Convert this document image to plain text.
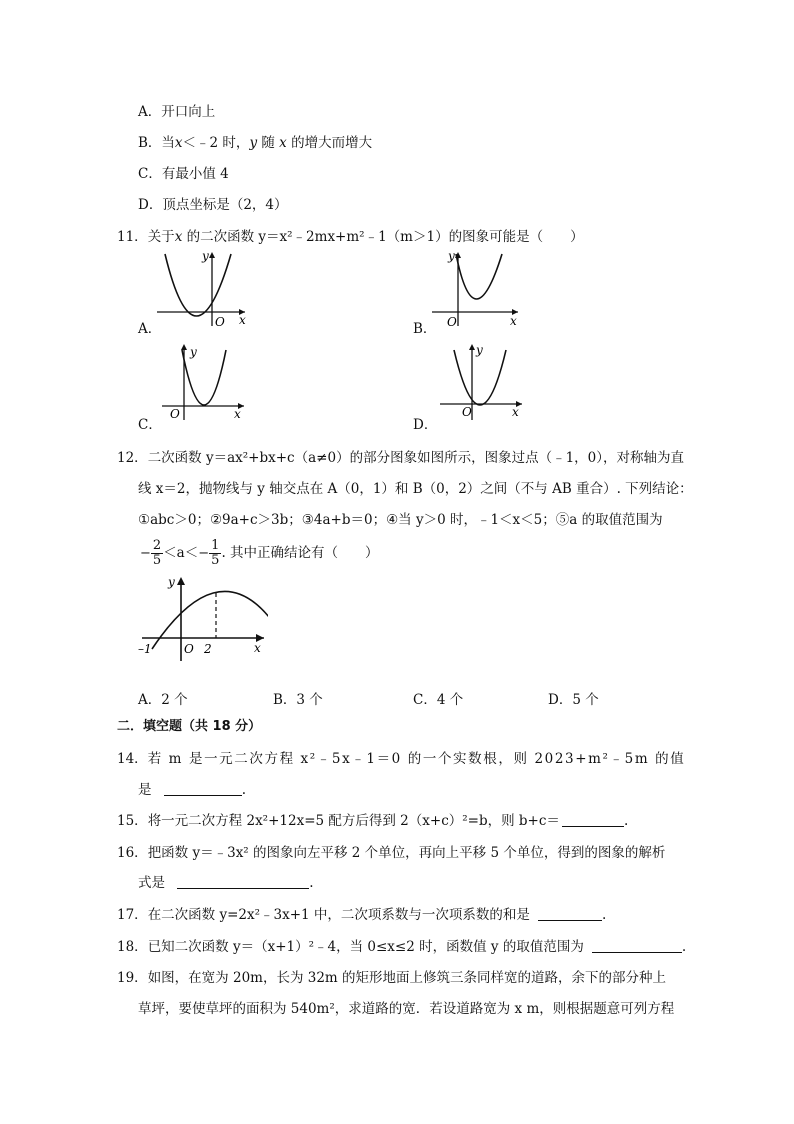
A．开口向上
B．当x＜﹣2 时，y 随 x 的增大而增大
C．有最小值 4
D．顶点坐标是（2，4）
11．关于x 的二次函数 y＝x²﹣2mx+m²﹣1（m＞1）的图象可能是（　　）
A．
y
x
O	B．
y
x
O
C．
y
x
O
D．
y
x
O
12．二次函数 y＝ax²+bx+c（a≠0）的部分图象如图所示，图象过点（﹣1，0），对称轴为直
线 x＝2，抛物线与 y 轴交点在 A（0，1）和 B（0，2）之间（不与 AB 重合）. 下列结论：
①abc＞0；②9a+c＞3b；③4a+b＝0；④当 y＞0 时，﹣1＜x＜5；⑤a 的取值范围为
− $\frac{2}{5} <a<- \frac{1}{5}$ . 其中正确结论有（　　）
y
x
O
–1	2
A．2 个	B．3 个	C．4 个	D．5 个
二．填空题（共 18 分）
14．若 m 是一元二次方程 x²﹣5x﹣1＝0 的一个实数根，则 2023+m²﹣5m 的值
是	.
15．将一元二次方程 2x²+12x=5 配方后得到 2（x+c）²=b，则 b+c＝	.
16．把函数 y＝﹣3x² 的图象向左平移 2 个单位，再向上平移 5 个单位，得到的图象的解析
式是	.
17．在二次函数 y=2x²﹣3x+1 中，二次项系数与一次项系数的和是	.
18．已知二次函数 y＝（x+1）²﹣4，当 0≤x≤2 时，函数值 y 的取值范围为	.
19．如图，在宽为 20m，长为 32m 的矩形地面上修筑三条同样宽的道路，余下的部分种上
草坪，要使草坪的面积为 540m²，求道路的宽．若设道路宽为 x m，则根据题意可列方程
